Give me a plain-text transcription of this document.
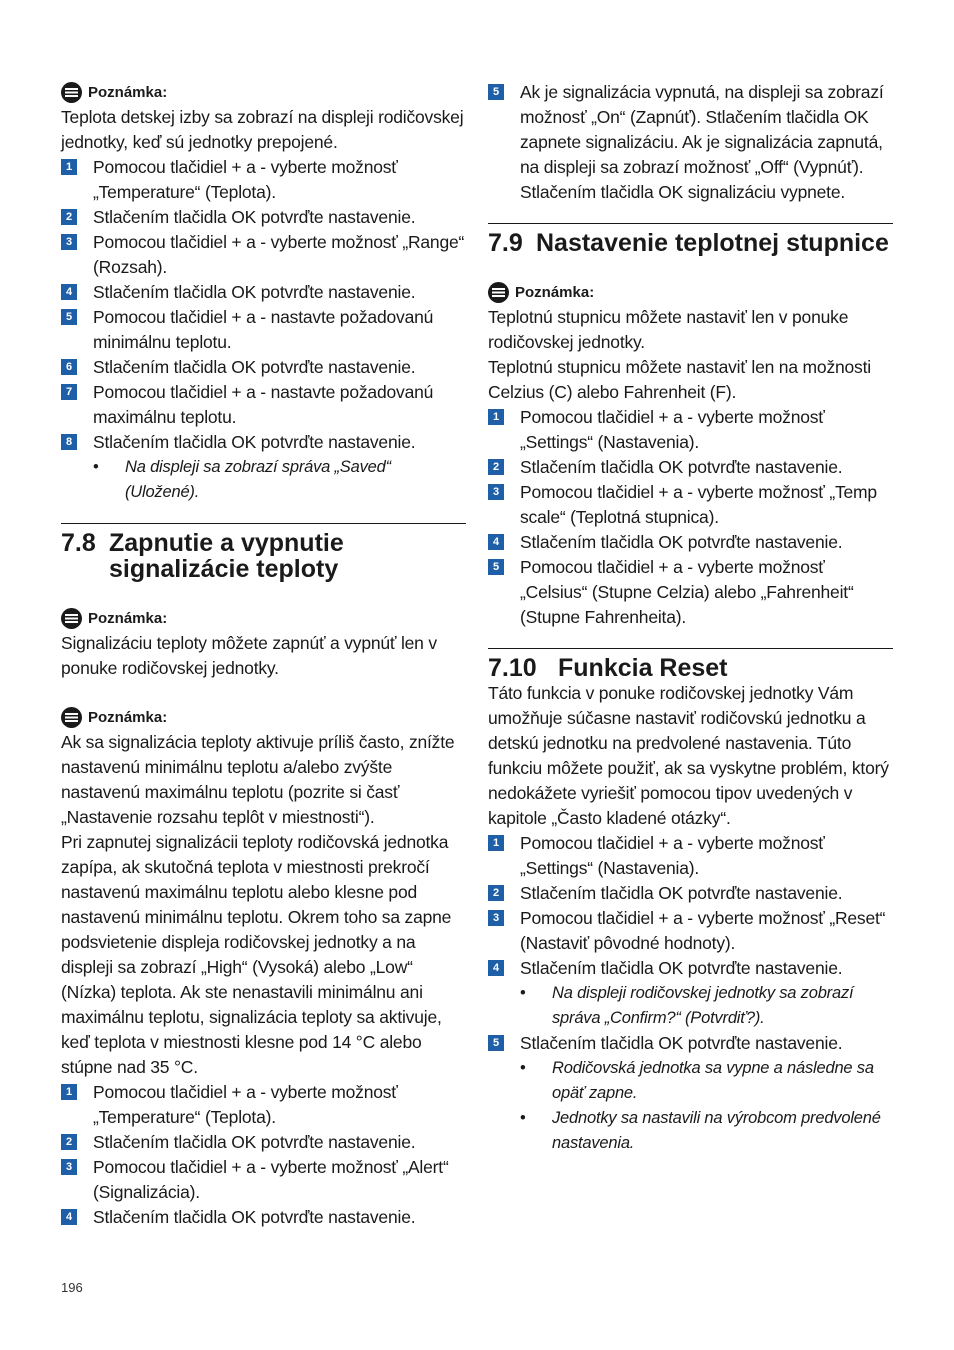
Poznámka:

Teplota detskej izby sa zobrazí na displeji rodičovskej jednotky, keď sú jednotky prepojené.

1 Pomocou tlačidiel + a - vyberte možnosť „Temperature“ (Teplota).
2 Stlačením tlačidla OK potvrďte nastavenie.
3 Pomocou tlačidiel + a - vyberte možnosť „Range“ (Rozsah).
4 Stlačením tlačidla OK potvrďte nastavenie.
5 Pomocou tlačidiel + a - nastavte požadovanú minimálnu teplotu.
6 Stlačením tlačidla OK potvrďte nastavenie.
7 Pomocou tlačidiel + a - nastavte požadovanú maximálnu teplotu.
8 Stlačením tlačidla OK potvrďte nastavenie.
•	Na displeji sa zobrazí správa „Saved“ (Uložené).
7.8 Zapnutie a vypnutie signalizácie teploty
Poznámka:

Signalizáciu teploty môžete zapnúť a vypnúť len v ponuke rodičovskej jednotky.

Poznámka:

Ak sa signalizácia teploty aktivuje príliš často, znížte nastavenú minimálnu teplotu a/alebo zvýšte nastavenú maximálnu teplotu (pozrite si časť „Nastavenie rozsahu teplôt v miestnosti“).

Pri zapnutej signalizácii teploty rodičovská jednotka zapípa, ak skutočná teplota v miestnosti prekročí nastavenú maximálnu teplotu alebo klesne pod nastavenú minimálnu teplotu. Okrem toho sa zapne podsvietenie displeja rodičovskej jednotky a na displeji sa zobrazí „High“ (Vysoká) alebo „Low“ (Nízka) teplota. Ak ste nenastavili minimálnu ani maximálnu teplotu, signalizácia teploty sa aktivuje, keď teplota v miestnosti klesne pod 14 °C alebo stúpne nad 35 °C.

1 Pomocou tlačidiel + a - vyberte možnosť „Temperature“ (Teplota).
2 Stlačením tlačidla OK potvrďte nastavenie.
3 Pomocou tlačidiel + a - vyberte možnosť „Alert“ (Signalizácia).
4 Stlačením tlačidla OK potvrďte nastavenie.
5 Ak je signalizácia vypnutá, na displeji sa zobrazí možnosť „On“ (Zapnúť). Stlačením tlačidla OK zapnete signalizáciu. Ak je signalizácia zapnutá, na displeji sa zobrazí možnosť „Off“ (Vypnúť). Stlačením tlačidla OK signalizáciu vypnete.
7.9 Nastavenie teplotnej stupnice
Poznámka:

Teplotnú stupnicu môžete nastaviť len v ponuke rodičovskej jednotky.

Teplotnú stupnicu môžete nastaviť len na možnosti Celzius (C) alebo Fahrenheit (F).

1 Pomocou tlačidiel + a - vyberte možnosť „Settings“ (Nastavenia).
2 Stlačením tlačidla OK potvrďte nastavenie.
3 Pomocou tlačidiel + a - vyberte možnosť „Temp scale“ (Teplotná stupnica).
4 Stlačením tlačidla OK potvrďte nastavenie.
5 Pomocou tlačidiel + a - vyberte možnosť „Celsius“ (Stupne Celzia) alebo „Fahrenheit“ (Stupne Fahrenheita).
7.10 Funkcia Reset

Táto funkcia v ponuke rodičovskej jednotky Vám umožňuje súčasne nastaviť rodičovskú jednotku a detskú jednotku na predvolené nastavenia. Túto funkciu môžete použiť, ak sa vyskytne problém, ktorý nedokážete vyriešiť pomocou tipov uvedených v kapitole „Často kladené otázky“.

1 Pomocou tlačidiel + a - vyberte možnosť „Settings“ (Nastavenia).
2 Stlačením tlačidla OK potvrďte nastavenie.
3 Pomocou tlačidiel + a - vyberte možnosť „Reset“ (Nastaviť pôvodné hodnoty).
4 Stlačením tlačidla OK potvrďte nastavenie.
•	Na displeji rodičovskej jednotky sa zobrazí správa „Confirm?“ (Potvrdiť?).
5 Stlačením tlačidla OK potvrďte nastavenie.
•	Rodičovská jednotka sa vypne a následne sa opäť zapne.
•	Jednotky sa nastavili na výrobcom predvolené nastavenia.
196
